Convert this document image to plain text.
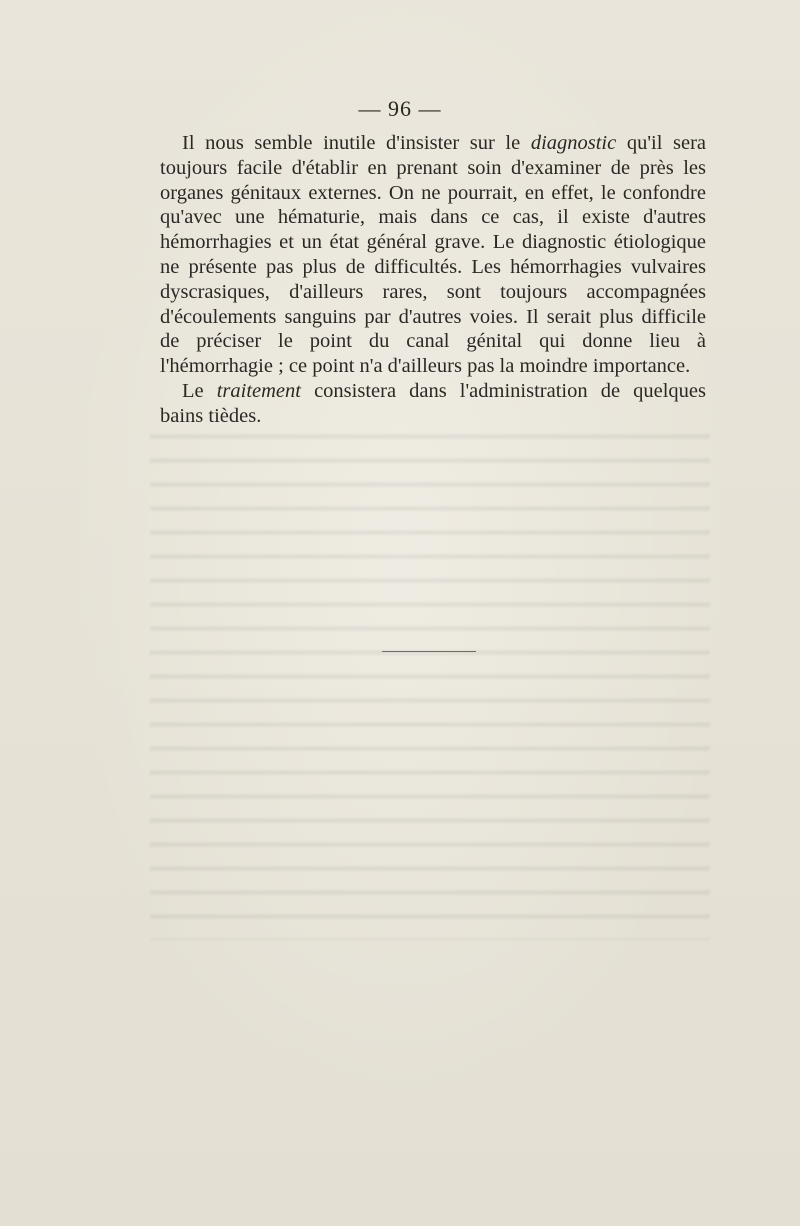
— 96 —

Il nous semble inutile d'insister sur le diagnostic qu'il sera toujours facile d'établir en prenant soin d'examiner de près les organes génitaux externes. On ne pourrait, en effet, le confondre qu'avec une hématurie, mais dans ce cas, il existe d'autres hémorrhagies et un état général grave. Le diagnostic étiologique ne présente pas plus de difficultés. Les hémorrhagies vulvaires dyscrasiques, d'ailleurs rares, sont toujours accompagnées d'écoulements sanguins par d'autres voies. Il serait plus difficile de préciser le point du canal génital qui donne lieu à l'hémorrhagie ; ce point n'a d'ailleurs pas la moindre importance.

Le traitement consistera dans l'administration de quelques bains tièdes.
